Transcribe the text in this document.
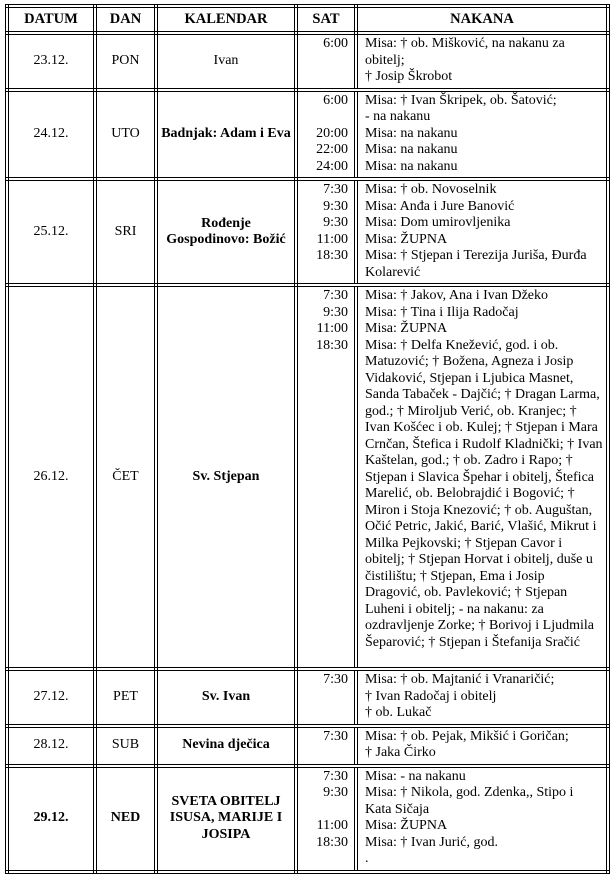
DATUM	DAN	KALENDAR	SAT	NAKANA
23.12.	PON	Ivan	6:00 Misa: † ob. Mišković, na nakanu za obitelj;
† Josip Škrobot	

24.12.	UTO	Badnjak: Adam i Eva	
6:00	Misa: † Ivan Škripek, ob. Šatović;
- na nakanu
20:00	Misa: na nakanu
22:00	Misa: na nakanu
24:00	Misa: na nakanu

25.12.	SRI	Rođenje Gospodinovo: Božić	
7:30	Misa: † ob. Novoselnik
9:30	Misa: Anđa i Jure Banović
9:30	Misa: Dom umirovljenika
11:00	Misa: ŽUPNA
18:30	Misa: † Stjepan i Terezija Juriša, Đurđa Kolarević

26.12.	ČET	Sv. Stjepan	
7:30	Misa: † Jakov, Ana i Ivan Džeko
9:30	Misa: † Tina i Ilija Radočaj
11:00	Misa: ŽUPNA
18:30	Misa: † Delfa Knežević, god. i ob. Matuzović; † Božena, Agneza i Josip Vidaković, Stjepan i Ljubica Masnet, Sanda Tabaček - Dajčić; † Dragan Larma, god.; † Miroljub Verić, ob. Kranjec; † Ivan Košćec i ob. Kulej; † Stjepan i Mara Crnčan, Štefica i Rudolf Kladnički; † Ivan Kaštelan, god.; † ob. Zadro i Rapo; † Stjepan i Slavica Špehar i obitelj, Štefica Marelić, ob. Belobrajdić i Bogović; † Miron i Stoja Knezović; † ob. Auguštan, Očić Petric, Jakić, Barić, Vlašić, Mikrut i Milka Pejkovski; † Stjepan Cavor i obitelj; † Stjepan Horvat i obitelj, duše u čistilištu; † Stjepan, Ema i Josip Dragović, ob. Pavleković; † Stjepan Luheni i obitelj; - na nakanu: za ozdravljenje Zorke; † Borivoj i Ljudmila Šeparović; † Stjepan i Štefanija Sračić

27.12.	PET	Sv. Ivan	7:30 Misa: † ob. Majtanić i Vranaričić;
† Ivan Radočaj i obitelj
† ob. Lukač	

28.12.	SUB	Nevina dječica	7:30 Misa: † ob. Pejak, Mikšić i Goričan;
† Jaka Čirko	

29.12.	NED	SVETA OBITELJ ISUSA, MARIJE I JOSIPA	
7:30	Misa: - na nakanu
9:30	Misa: † Nikola, god. Zdenka,, Stipo i Kata Sičaja
11:00	Misa: ŽUPNA
18:30	Misa: † Ivan Jurić, god.
.
